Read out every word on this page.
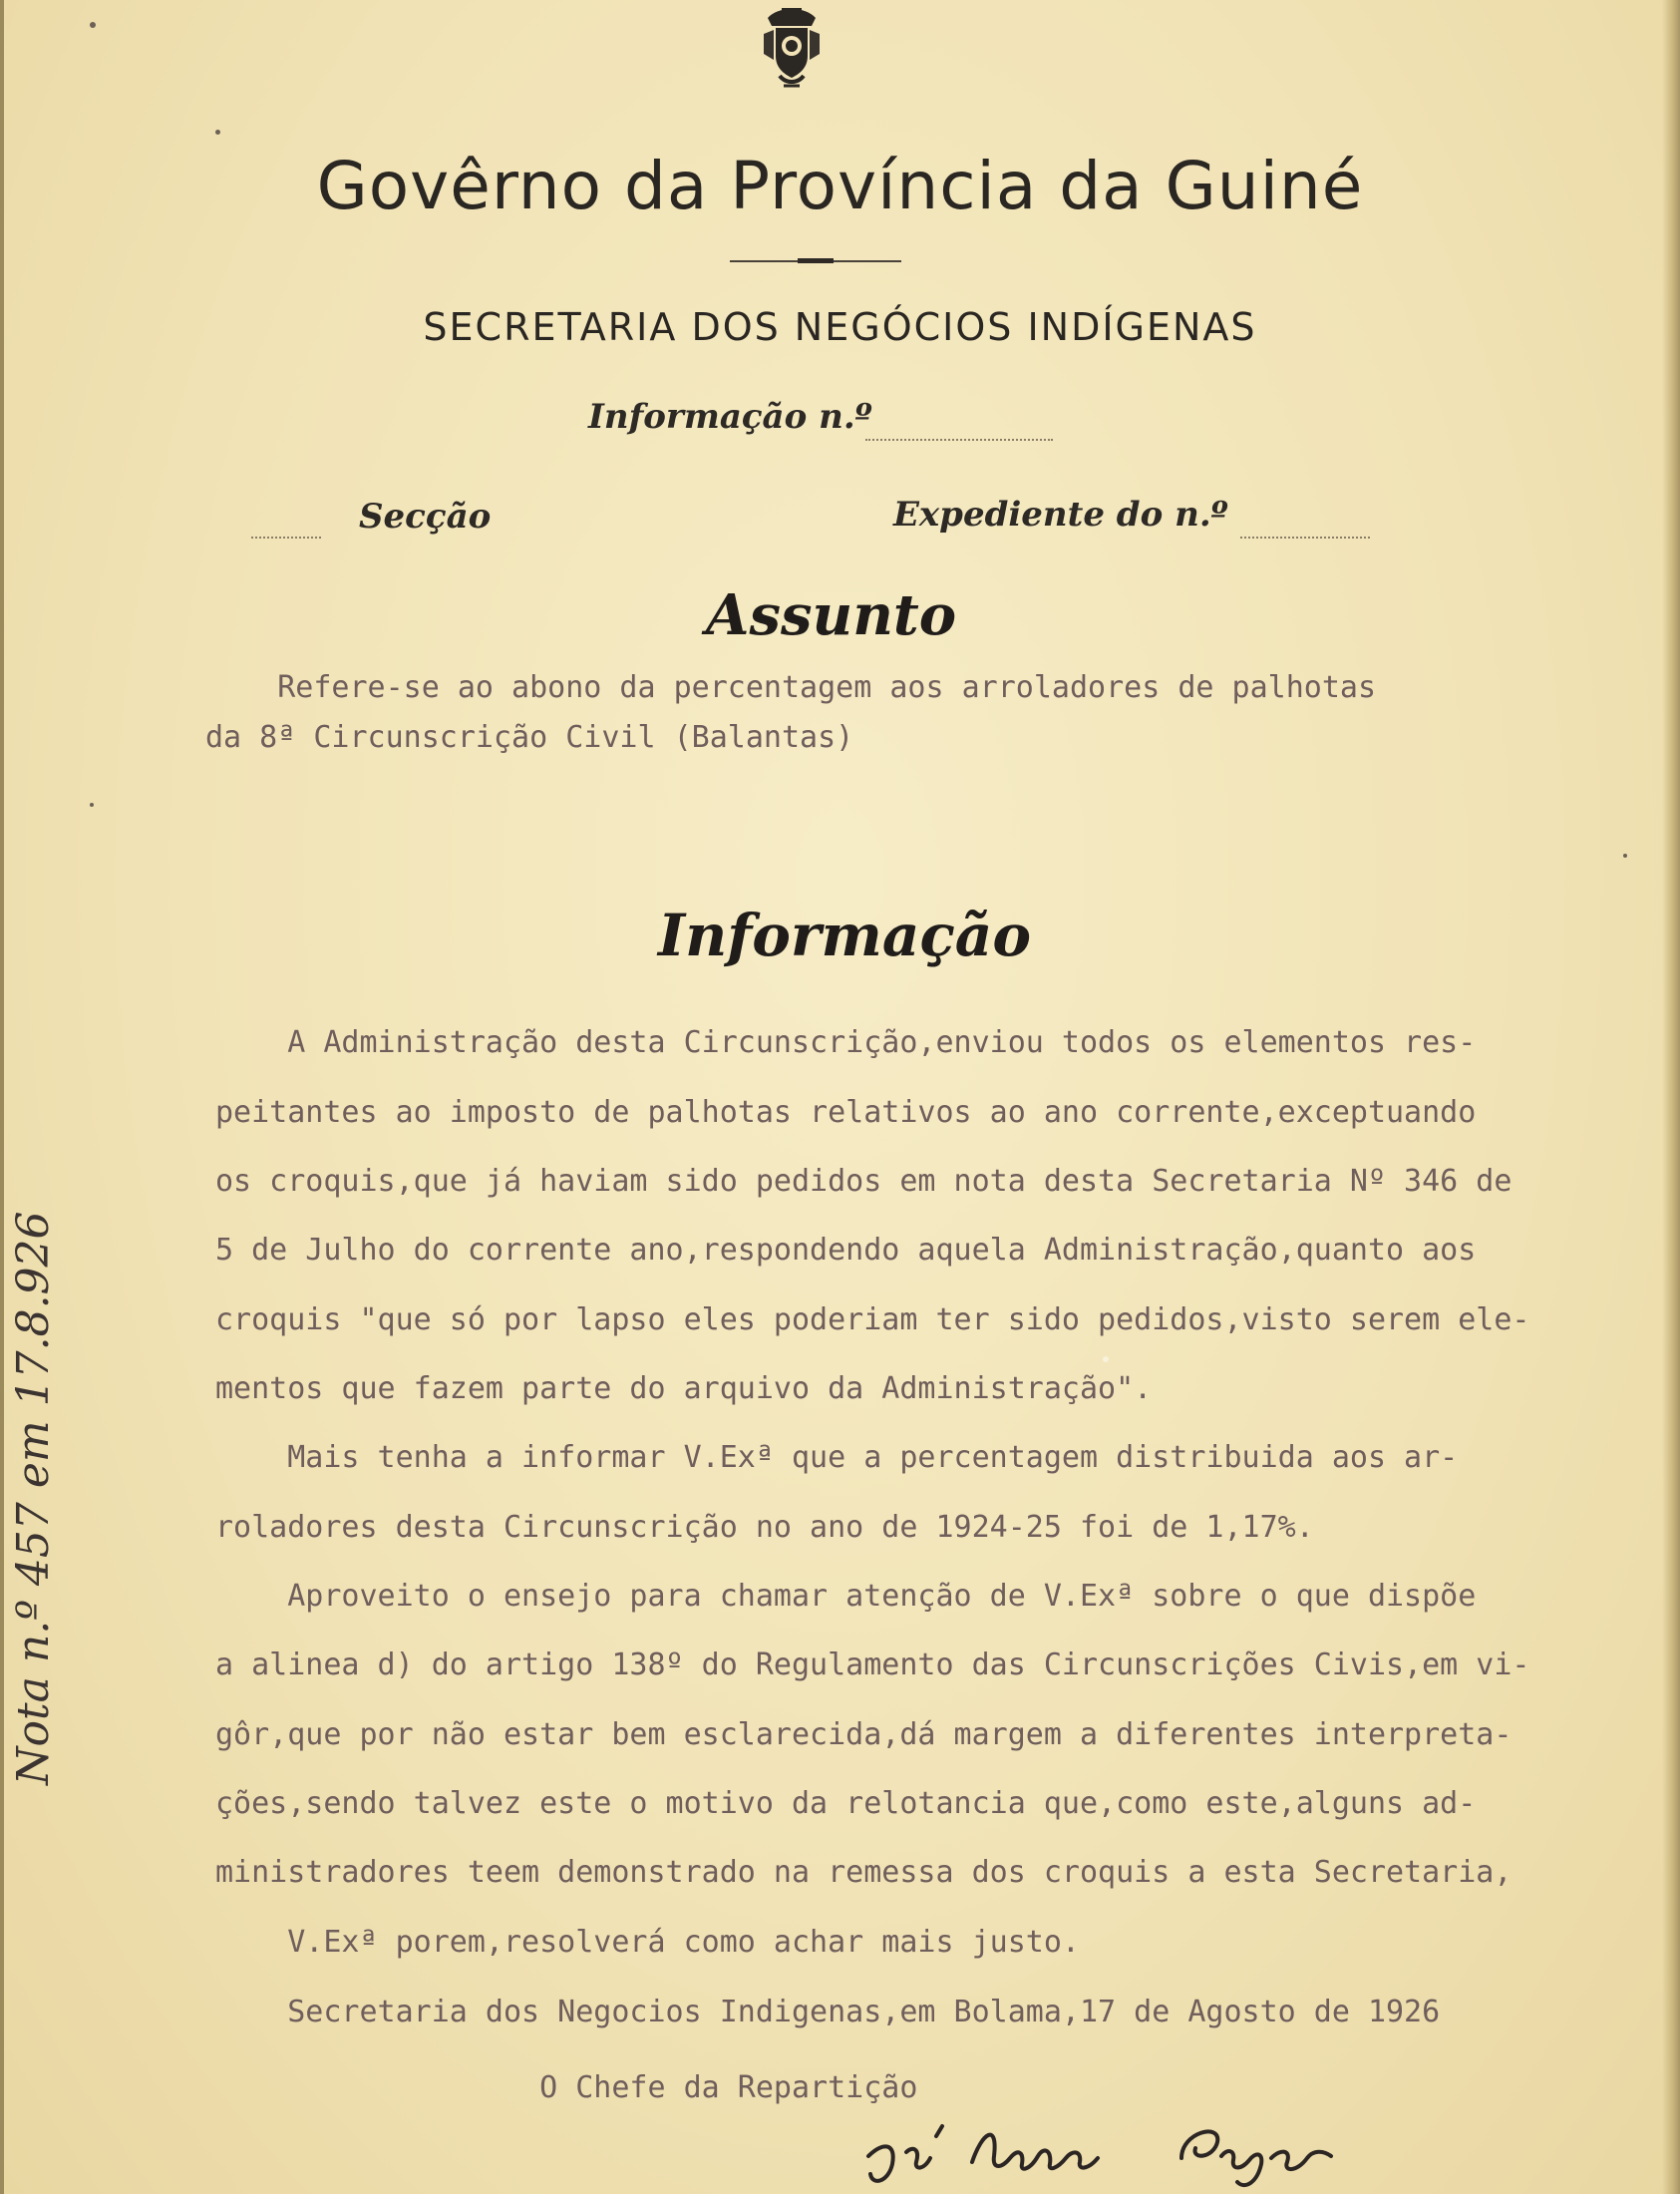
Govêrno da Província da Guiné
SECRETARIA DOS NEGÓCIOS INDÍGENAS
Informação n.º
Secção	Expediente do n.º
Assunto
Refere-se ao abono da percentagem aos arroladores de palhotas
da 8ª Circunscrição Civil (Balantas)
Informação
A Administração desta Circunscrição,enviou todos os elementos res-
peitantes ao imposto de palhotas relativos ao ano corrente,exceptuando
os croquis,que já haviam sido pedidos em nota desta Secretaria Nº 346 de
5 de Julho do corrente ano,respondendo aquela Administração,quanto aos
croquis "que só por lapso eles poderiam ter sido pedidos,visto serem ele-
mentos que fazem parte do arquivo da Administração".
Mais tenha a informar V.Exª que a percentagem distribuida aos ar-
roladores desta Circunscrição no ano de 1924-25 foi de 1,17%.
Aproveito o ensejo para chamar atenção de V.Exª sobre o que dispõe
a alinea d) do artigo 138º do Regulamento das Circunscrições Civis,em vi-
gôr,que por não estar bem esclarecida,dá margem a diferentes interpreta-
ções,sendo talvez este o motivo da relotancia que,como este,alguns ad-
ministradores teem demonstrado na remessa dos croquis a esta Secretaria,
V.Exª porem,resolverá como achar mais justo.
Secretaria dos Negocios Indigenas,em Bolama,17 de Agosto de 1926
O Chefe da Repartição
Nota n.º 457 em 17.8.926
